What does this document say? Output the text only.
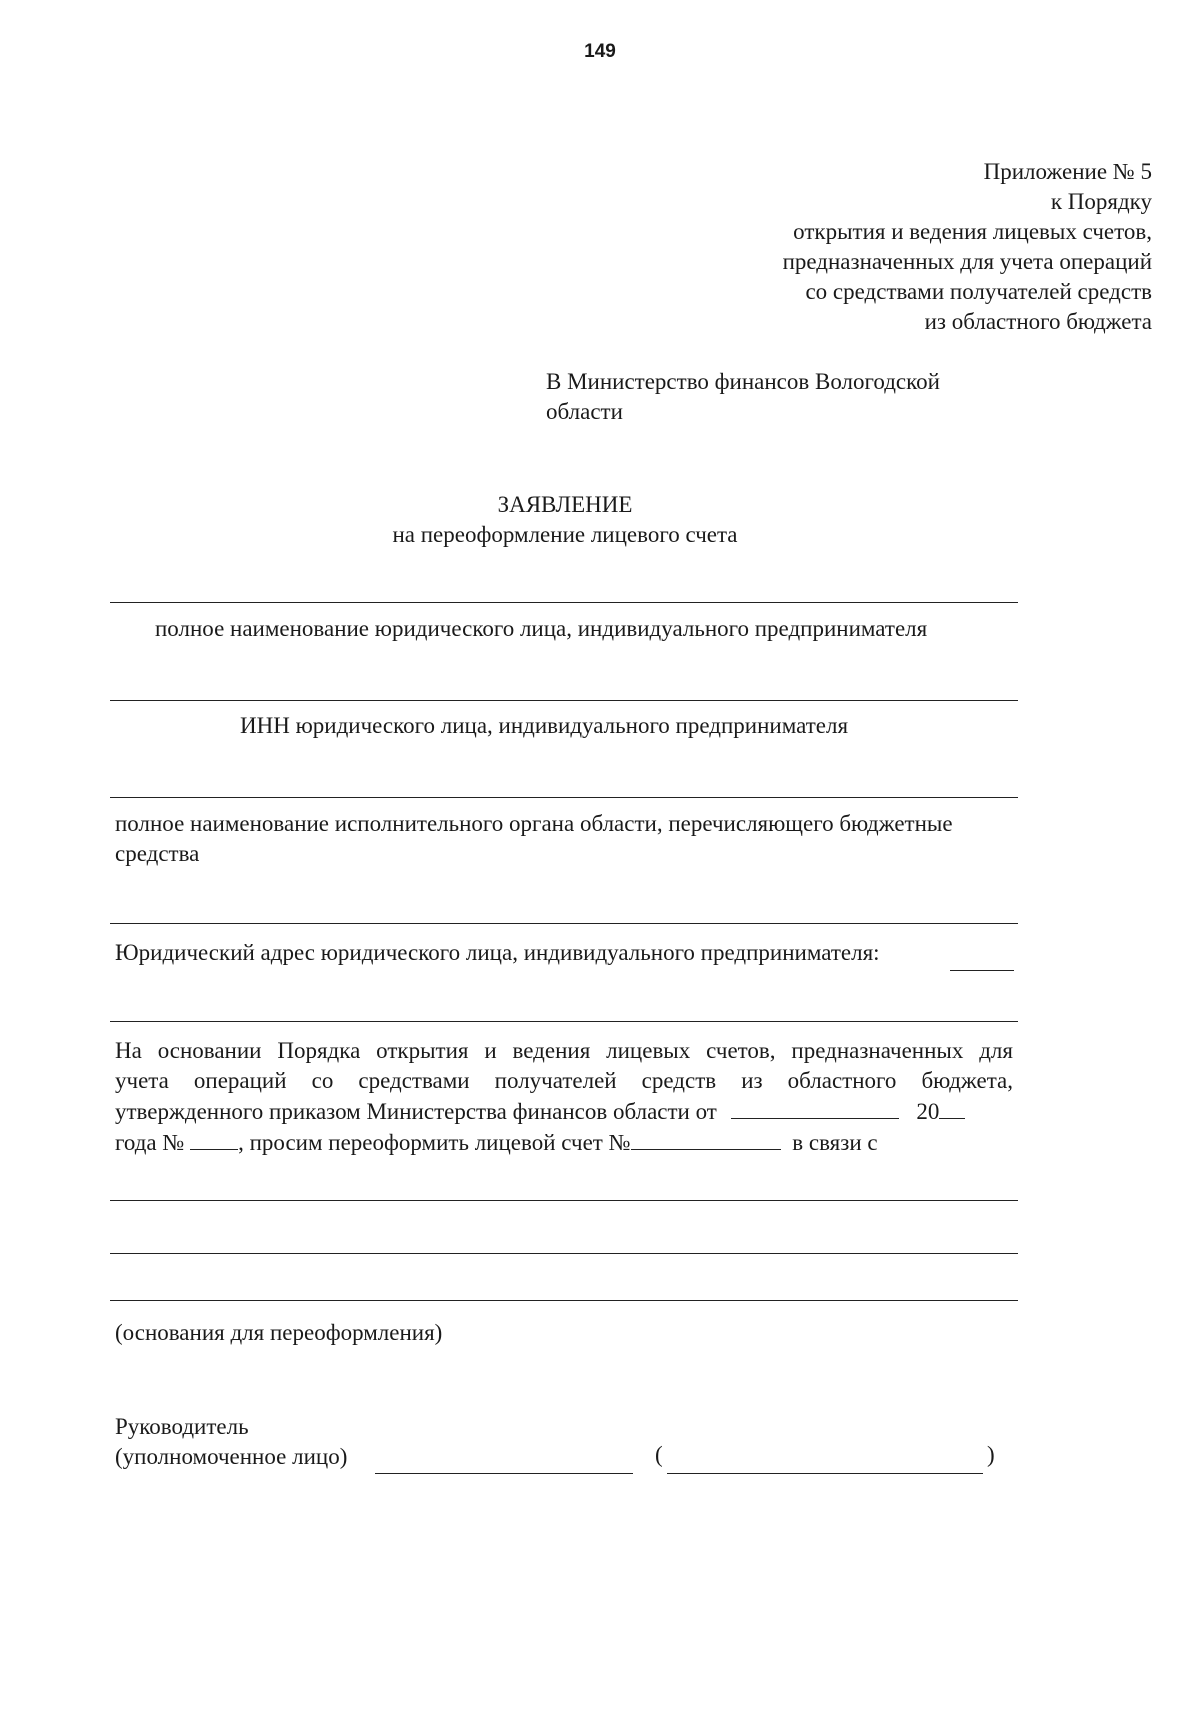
149
Приложение № 5
к Порядку
открытия и ведения лицевых счетов,
предназначенных для учета операций
со средствами получателей средств
из областного бюджета
В Министерство финансов Вологодской
области
ЗАЯВЛЕНИЕ
на переоформление лицевого счета
полное наименование юридического лица, индивидуального предпринимателя
ИНН юридического лица, индивидуального предпринимателя
полное наименование исполнительного органа области, перечисляющего бюджетные
средства
Юридический адрес юридического лица, индивидуального предпринимателя:
На основании Порядка открытия и ведения лицевых счетов, предназначенных для
учета операций со средствами получателей средств из областного бюджета,
утвержденного приказом Министерства финансов области от	20
года № , просим переоформить лицевой счет №	в связи с
(основания для переоформления)
Руководитель
(уполномоченное лицо)	(	)
